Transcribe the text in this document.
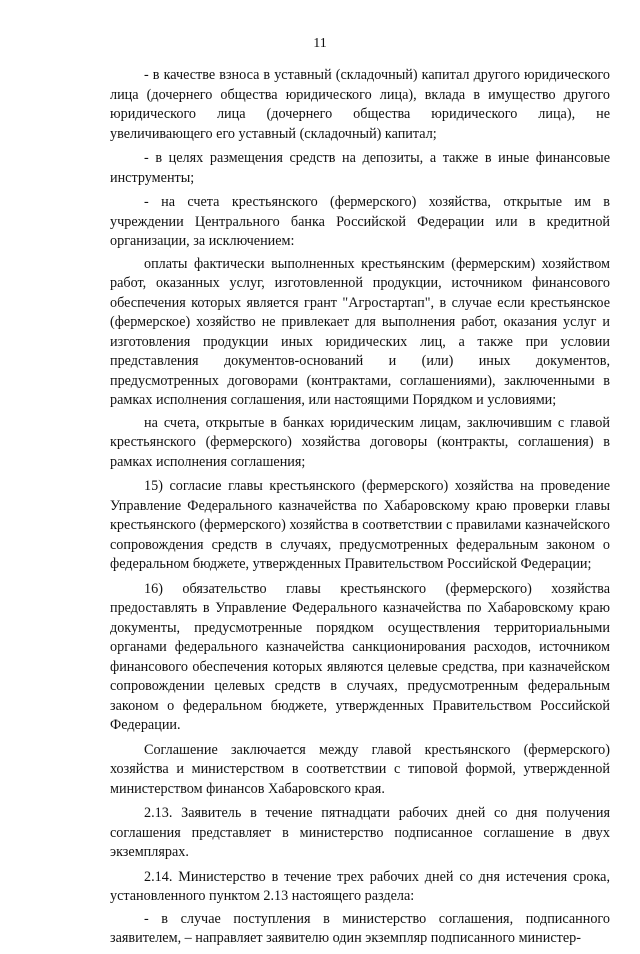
11

- в качестве взноса в уставный (складочный) капитал другого юридического лица (дочернего общества юридического лица), вклада в имущество другого юридического лица (дочернего общества юридического лица), не увеличивающего его уставный (складочный) капитал;

- в целях размещения средств на депозиты, а также в иные финансовые инструменты;

- на счета крестьянского (фермерского) хозяйства, открытые им в учреждении Центрального банка Российской Федерации или в кредитной организации, за исключением:

оплаты фактически выполненных крестьянским (фермерским) хозяйством работ, оказанных услуг, изготовленной продукции, источником финансового обеспечения которых является грант "Агростартап", в случае если крестьянское (фермерское) хозяйство не привлекает для выполнения работ, оказания услуг и изготовления продукции иных юридических лиц, а также при условии представления документов-оснований и (или) иных документов, предусмотренных договорами (контрактами, соглашениями), заключенными в рамках исполнения соглашения, или настоящими Порядком и условиями;

на счета, открытые в банках юридическим лицам, заключившим с главой крестьянского (фермерского) хозяйства договоры (контракты, соглашения) в рамках исполнения соглашения;

15) согласие главы крестьянского (фермерского) хозяйства на проведение Управление Федерального казначейства по Хабаровскому краю проверки главы крестьянского (фермерского) хозяйства в соответствии с правилами казначейского сопровождения средств в случаях, предусмотренных федеральным законом о федеральном бюджете, утвержденных Правительством Российской Федерации;

16) обязательство главы крестьянского (фермерского) хозяйства предоставлять в Управление Федерального казначейства по Хабаровскому краю документы, предусмотренные порядком осуществления территориальными органами федерального казначейства санкционирования расходов, источником финансового обеспечения которых являются целевые средства, при казначейском сопровождении целевых средств в случаях, предусмотренным федеральным законом о федеральном бюджете, утвержденных Правительством Российской Федерации.

Соглашение заключается между главой крестьянского (фермерского) хозяйства и министерством в соответствии с типовой формой, утвержденной министерством финансов Хабаровского края.

2.13. Заявитель в течение пятнадцати рабочих дней со дня получения соглашения представляет в министерство подписанное соглашение в двух экземплярах.

2.14. Министерство в течение трех рабочих дней со дня истечения срока, установленного пунктом 2.13 настоящего раздела:

- в случае поступления в министерство соглашения, подписанного заявителем, – направляет заявителю один экземпляр подписанного министер-
